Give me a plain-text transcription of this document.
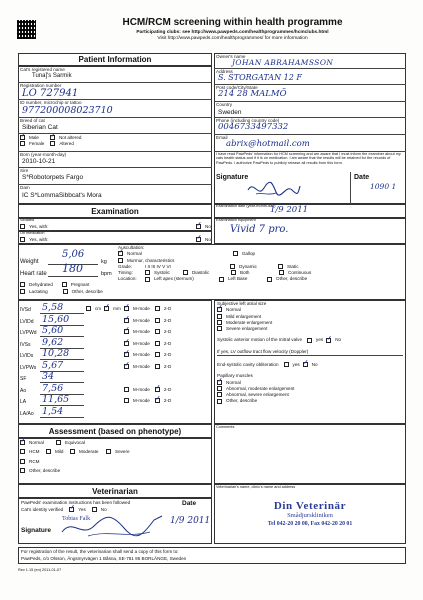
HCM/RCM screening within health programme
Participating clubs: see http://www.pawpeds.com/healthprogrammes/hcmclubs.html
Visit http://www.pawpeds.com/healthprogrammes/ for more information
Patient Information
Cat's registered name
Tuna]'s Sarmik
Registration number
LO 727941
ID number, microchip or tattoo
977200008023710
Breed of cat
Siberian Cat
✓
Male ✓	Not altered
Female	Altered
Born (year-month-day)
2010-10-21
Sire
S*Robotorpets Fargo
Dam
IC S*LommaSibbcat's Mora
Owner's name
JOHAN ABRAHAMSSON
Address
S. STORGATAN 12 F
Post code/City/State
214 28 MALMÖ
Country
Sweden
Phone (including country code)
0046733497332
Email
abrix@hotmail.com
I have read PawPeds' information for HCM screening and are aware that I must inform the examiner about my cats health status and if it is on medication. I am aware that the results will be retained for the records of PawPeds. I authorize PawPeds to publicly release all results from this form.
Signature	Date
1090 1
Examination
Examination date (year-month-day)
1/9 2011
Sedated
Yes, with: ✓	No
Examination equipment
Vivid 7 pro.
On medication
Yes, with: ✓	No
Weight
5,06
kg
Heart rate 180	bpm
Dehydrated	Pregnant
Lactating	Other, describe
Auscultation:
✓
Normal	Gallop
Murmur, characteristics
Grade:	I II III IV V VI	Dynamic	Static
Timing:	Systolic	Diastolic	Both	Continuous
Location:	Left apex (sternum)	Left Base	Other, describe
IVSd 5,58	cm ✓	mm ✓	M-mode	2-D
LVIDd 15,60 ✓	M-mode	2-D
LVPWd 5,60 ✓	M-mode	2-D
IVSs 9,62 ✓	M-mode	2-D
LVIDs 10,28 ✓	M-mode	2-D
LVPWs 5,67 ✓	M-mode	2-D
SF 34
Ao 7,56	M-mode ✓	2-D
LA 11,65	M-mode ✓	2-D
LA/Ao 1,54
Subjective left atrial size
✓
Normal
Mild enlargement
Moderate enlargement
Severe enlargement
Systolic anterior motion of the mitral valve	yes ✓	No
If yes, LV outflow tract flow velocity (Doppler)
End-systolic cavity obliteration	yes ✓	No
Papillary muscles
✓
Normal
Abnormal, moderate enlargement
Abnormal, severe enlargement
Other, describe
Assessment (based on phenotype)
✓
Normal	Equivocal
HCM	Mild	Moderate	Severe
RCM
Other, describe
Comments
Veterinarian
PawPeds' examination instructions has been followed
Cat's identity verified ✓	Yes	No
Signature
Date
Tobias Falk	1/9 2011
Veterinarian's name, clinic's name and address
Din Veterinär
Smådjurskliniken
Tel 042-20 20 00, Fax 042-20 20 01
For registration of the result, the veterinarian shall send a copy of this form to:
PawPeds, c/o Olsson, Ängsmyrvägen 1 Båsna, SE-781 95 BORLÄNGE, Sweden
Rev 1.15 (en) 2011-01-07
